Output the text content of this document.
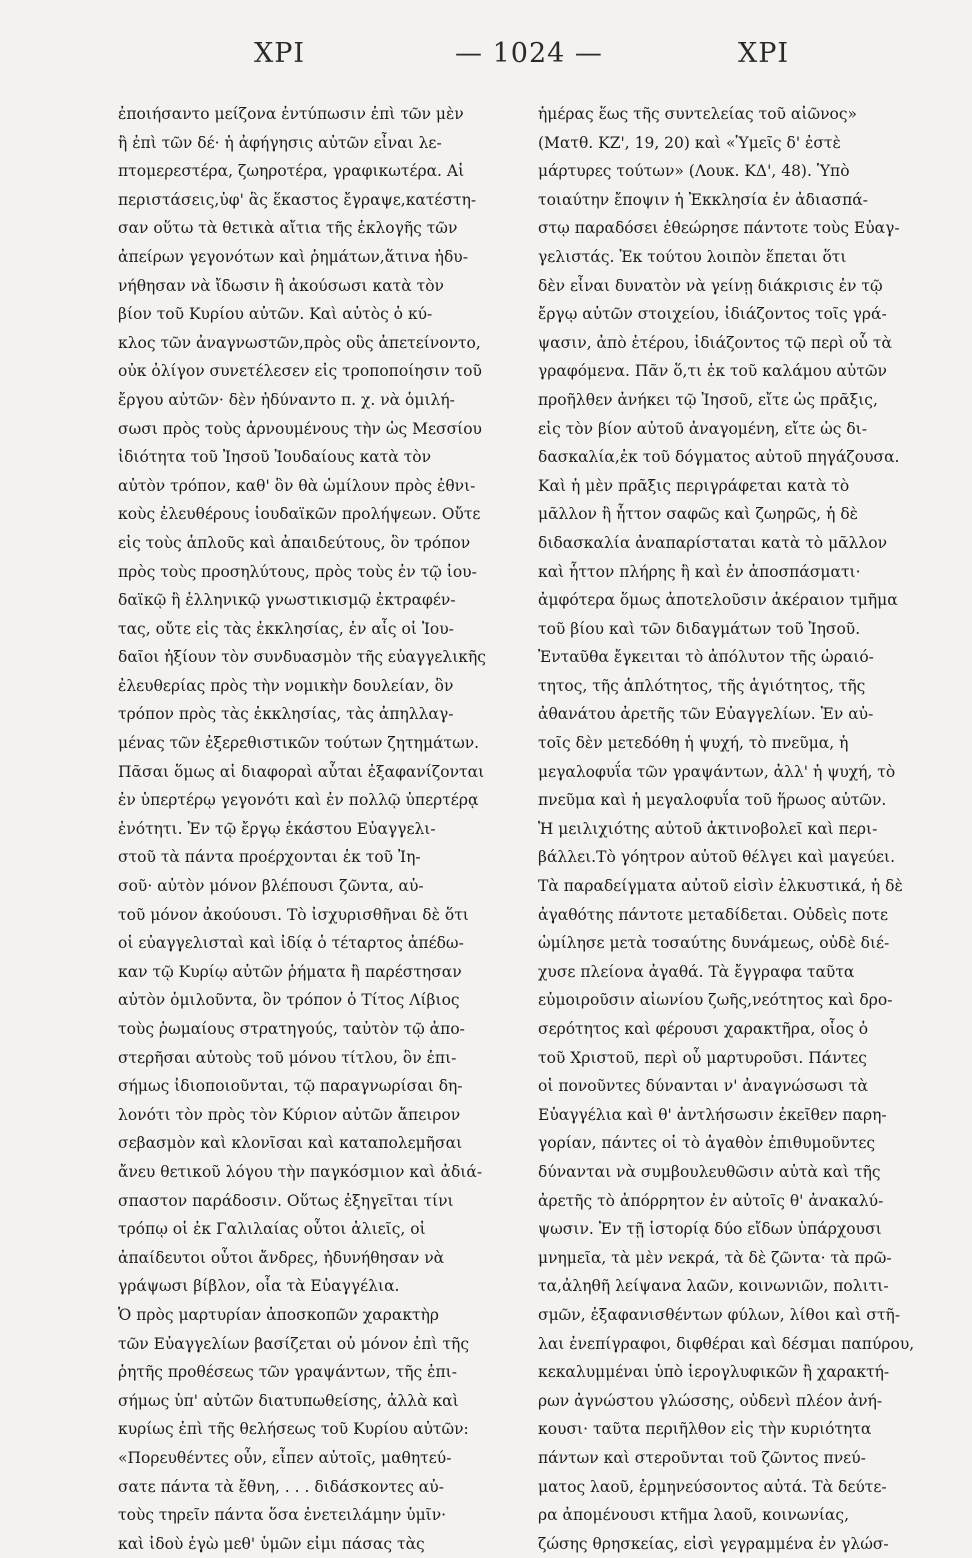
ΧΡΙ	— 1024 —	ΧΡΙ
ἐποιήσαντο μείζονα ἐντύπωσιν ἐπὶ τῶν μὲν
ἢ ἐπὶ τῶν δέ· ἡ ἀφήγησις αὐτῶν εἶναι λε-
πτομερεστέρα, ζωηροτέρα, γραφικωτέρα. Αἱ
περιστάσεις,ὑφ' ἃς ἕκαστος ἔγραψε,κατέστη-
σαν οὕτω τὰ θετικὰ αἴτια τῆς ἐκλογῆς τῶν
ἀπείρων γεγονότων καὶ ῥημάτων,ἅτινα ἠδυ-
νήθησαν νὰ ἴδωσιν ἢ ἀκούσωσι κατὰ τὸν
βίον τοῦ Κυρίου αὐτῶν. Καὶ αὐτὸς ὁ κύ-
κλος τῶν ἀναγνωστῶν,πρὸς οὓς ἀπετείνοντο,
οὐκ ὀλίγον συνετέλεσεν εἰς τροποποίησιν τοῦ
ἔργου αὐτῶν· δὲν ἠδύναντο π. χ. νὰ ὁμιλή-
σωσι πρὸς τοὺς ἀρνουμένους τὴν ὡς Μεσσίου
ἰδιότητα τοῦ Ἰησοῦ Ἰουδαίους κατὰ τὸν
αὐτὸν τρόπον, καθ' ὃν θὰ ὡμίλουν πρὸς ἐθνι-
κοὺς ἐλευθέρους ἰουδαϊκῶν προλήψεων. Οὔτε
εἰς τοὺς ἁπλοῦς καὶ ἀπαιδεύτους, ὃν τρόπον
πρὸς τοὺς προσηλύτους, πρὸς τοὺς ἐν τῷ ἰου-
δαϊκῷ ἢ ἑλληνικῷ γνωστικισμῷ ἐκτραφέν-
τας, οὔτε εἰς τὰς ἐκκλησίας, ἐν αἷς οἱ Ἰου-
δαῖοι ἠξίουν τὸν συνδυασμὸν τῆς εὐαγγελικῆς
ἐλευθερίας πρὸς τὴν νομικὴν δουλείαν, ὃν
τρόπον πρὸς τὰς ἐκκλησίας, τὰς ἀπηλλαγ-
μένας τῶν ἐξερεθιστικῶν τούτων ζητημάτων.
Πᾶσαι ὅμως αἱ διαφοραὶ αὗται ἐξαφανίζονται
ἐν ὑπερτέρῳ γεγονότι καὶ ἐν πολλῷ ὑπερτέρᾳ
ἑνότητι. Ἐν τῷ ἔργῳ ἑκάστου Εὐαγγελι-
στοῦ τὰ πάντα προέρχονται ἐκ τοῦ Ἰη-
σοῦ· αὐτὸν μόνον βλέπουσι ζῶντα, αὐ-
τοῦ μόνον ἀκούουσι. Τὸ ἰσχυρισθῆναι δὲ ὅτι
οἱ εὐαγγελισταὶ καὶ ἰδίᾳ ὁ τέταρτος ἀπέδω-
καν τῷ Κυρίῳ αὐτῶν ῥήματα ἢ παρέστησαν
αὐτὸν ὁμιλοῦντα, ὃν τρόπον ὁ Τίτος Λίβιος
τοὺς ῥωμαίους στρατηγούς, ταὐτὸν τῷ ἀπο-
στερῆσαι αὐτοὺς τοῦ μόνου τίτλου, ὃν ἐπι-
σήμως ἰδιοποιοῦνται, τῷ παραγνωρίσαι δη-
λονότι τὸν πρὸς τὸν Κύριον αὐτῶν ἄπειρον
σεβασμὸν καὶ κλονῖσαι καὶ καταπολεμῆσαι
ἄνευ θετικοῦ λόγου τὴν παγκόσμιον καὶ ἀδιά-
σπαστον παράδοσιν. Οὕτως ἐξηγεῖται τίνι
τρόπῳ οἱ ἐκ Γαλιλαίας οὗτοι ἁλιεῖς, οἱ
ἀπαίδευτοι οὗτοι ἄνδρες, ἠδυνήθησαν νὰ
γράψωσι βίβλον, οἷα τὰ Εὐαγγέλια.
Ὁ πρὸς μαρτυρίαν ἀποσκοπῶν χαρακτὴρ
τῶν Εὐαγγελίων βασίζεται οὐ μόνον ἐπὶ τῆς
ῥητῆς προθέσεως τῶν γραψάντων, τῆς ἐπι-
σήμως ὑπ' αὐτῶν διατυπωθείσης, ἀλλὰ καὶ
κυρίως ἐπὶ τῆς θελήσεως τοῦ Κυρίου αὐτῶν:
«Πορευθέντες οὖν, εἶπεν αὐτοῖς, μαθητεύ-
σατε πάντα τὰ ἔθνη, . . . διδάσκοντες αὐ-
τοὺς τηρεῖν πάντα ὅσα ἐνετειλάμην ὑμῖν·
καὶ ἰδοὺ ἐγὼ μεθ' ὑμῶν εἰμι πάσας τὰς
ἡμέρας ἕως τῆς συντελείας τοῦ αἰῶνος»
(Ματθ. ΚΖ', 19, 20) καὶ «Ὑμεῖς δ' ἐστὲ
μάρτυρες τούτων» (Λουκ. ΚΔ', 48). Ὑπὸ
τοιαύτην ἔποψιν ἡ Ἐκκλησία ἐν ἀδιασπά-
στῳ παραδόσει ἐθεώρησε πάντοτε τοὺς Εὐαγ-
γελιστάς. Ἐκ τούτου λοιπὸν ἕπεται ὅτι
δὲν εἶναι δυνατὸν νὰ γείνῃ διάκρισις ἐν τῷ
ἔργῳ αὐτῶν στοιχείου, ἰδιάζοντος τοῖς γρά-
ψασιν, ἀπὸ ἑτέρου, ἰδιάζοντος τῷ περὶ οὗ τὰ
γραφόμενα. Πᾶν ὅ,τι ἐκ τοῦ καλάμου αὐτῶν
προῆλθεν ἀνήκει τῷ Ἰησοῦ, εἴτε ὡς πρᾶξις,
εἰς τὸν βίον αὐτοῦ ἀναγομένη, εἴτε ὡς δι-
δασκαλία,ἐκ τοῦ δόγματος αὐτοῦ πηγάζουσα.
Καὶ ἡ μὲν πρᾶξις περιγράφεται κατὰ τὸ
μᾶλλον ἢ ἧττον σαφῶς καὶ ζωηρῶς, ἡ δὲ
διδασκαλία ἀναπαρίσταται κατὰ τὸ μᾶλλον
καὶ ἧττον πλήρης ἢ καὶ ἐν ἀποσπάσματι·
ἀμφότερα ὅμως ἀποτελοῦσιν ἀκέραιον τμῆμα
τοῦ βίου καὶ τῶν διδαγμάτων τοῦ Ἰησοῦ.
Ἐνταῦθα ἔγκειται τὸ ἀπόλυτον τῆς ὡραιό-
τητος, τῆς ἁπλότητος, τῆς ἁγιότητος, τῆς
ἀθανάτου ἀρετῆς τῶν Εὐαγγελίων. Ἐν αὐ-
τοῖς δὲν μετεδόθη ἡ ψυχή, τὸ πνεῦμα, ἡ
μεγαλοφυΐα τῶν γραψάντων, ἀλλ' ἡ ψυχή, τὸ
πνεῦμα καὶ ἡ μεγαλοφυΐα τοῦ ἥρωος αὐτῶν.
Ἡ μειλιχιότης αὐτοῦ ἀκτινοβολεῖ καὶ περι-
βάλλει.Τὸ γόητρον αὐτοῦ θέλγει καὶ μαγεύει.
Τὰ παραδείγματα αὐτοῦ εἰσὶν ἑλκυστικά, ἡ δὲ
ἀγαθότης πάντοτε μεταδίδεται. Οὐδεὶς ποτε
ὡμίλησε μετὰ τοσαύτης δυνάμεως, οὐδὲ διέ-
χυσε πλείονα ἀγαθά. Τὰ ἔγγραφα ταῦτα
εὐμοιροῦσιν αἰωνίου ζωῆς,νεότητος καὶ δρο-
σερότητος καὶ φέρουσι χαρακτῆρα, οἷος ὁ
τοῦ Χριστοῦ, περὶ οὗ μαρτυροῦσι. Πάντες
οἱ πονοῦντες δύνανται ν' ἀναγνώσωσι τὰ
Εὐαγγέλια καὶ θ' ἀντλήσωσιν ἐκεῖθεν παρη-
γορίαν, πάντες οἱ τὸ ἀγαθὸν ἐπιθυμοῦντες
δύνανται νὰ συμβουλευθῶσιν αὐτὰ καὶ τῆς
ἀρετῆς τὸ ἀπόρρητον ἐν αὐτοῖς θ' ἀνακαλύ-
ψωσιν. Ἐν τῇ ἱστορίᾳ δύο εἴδων ὑπάρχουσι
μνημεῖα, τὰ μὲν νεκρά, τὰ δὲ ζῶντα· τὰ πρῶ-
τα,ἀληθῆ λείψανα λαῶν, κοινωνιῶν, πολιτι-
σμῶν, ἐξαφανισθέντων φύλων, λίθοι καὶ στῆ-
λαι ἐνεπίγραφοι, διφθέραι καὶ δέσμαι παπύρου,
κεκαλυμμέναι ὑπὸ ἱερογλυφικῶν ἢ χαρακτή-
ρων ἀγνώστου γλώσσης, οὐδενὶ πλέον ἀνή-
κουσι· ταῦτα περιῆλθον εἰς τὴν κυριότητα
πάντων καὶ στεροῦνται τοῦ ζῶντος πνεύ-
ματος λαοῦ, ἑρμηνεύσοντος αὐτά. Τὰ δεύτε-
ρα ἀπομένουσι κτῆμα λαοῦ, κοινωνίας,
ζώσης θρησκείας, εἰσὶ γεγραμμένα ἐν γλώσ-
